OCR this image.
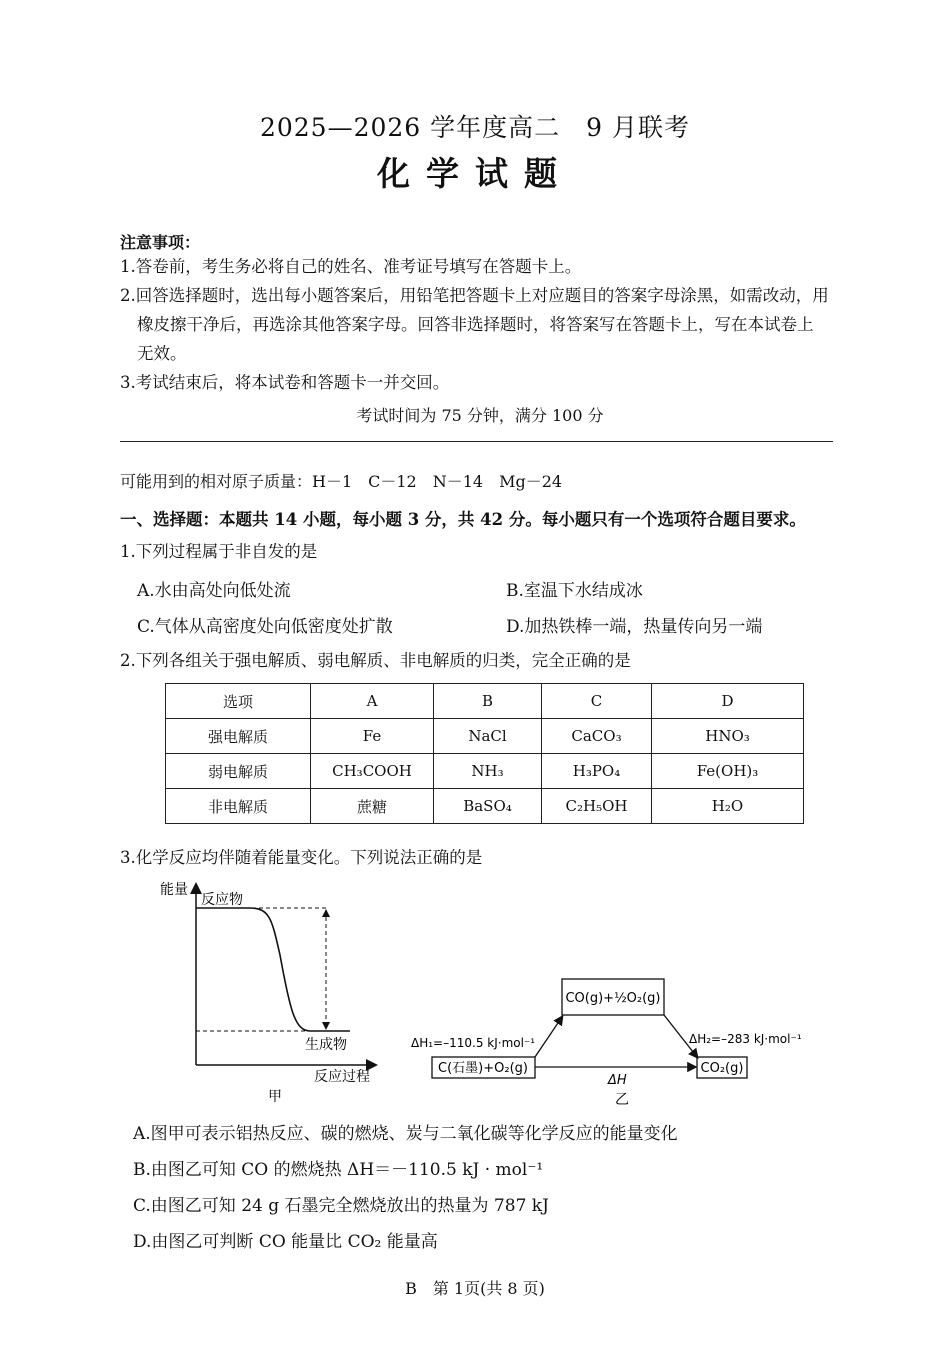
2025—2026 学年度高二　9 月联考
化学试题
注意事项：
1.答卷前，考生务必将自己的姓名、准考证号填写在答题卡上。
2.回答选择题时，选出每小题答案后，用铅笔把答题卡上对应题目的答案字母涂黑，如需改动，用
橡皮擦干净后，再选涂其他答案字母。回答非选择题时，将答案写在答题卡上，写在本试卷上
无效。
3.考试结束后，将本试卷和答题卡一并交回。
考试时间为 75 分钟，满分 100 分
可能用到的相对原子质量：H－1　C－12　N－14　Mg－24
一、选择题：本题共 14 小题，每小题 3 分，共 42 分。每小题只有一个选项符合题目要求。
1.下列过程属于非自发的是
A.水由高处向低处流	B.室温下水结成冰
C.气体从高密度处向低密度处扩散	D.加热铁棒一端，热量传向另一端
2.下列各组关于强电解质、弱电解质、非电解质的归类，完全正确的是
选项	A	B	C	D
强电解质	Fe	NaCl	CaCO₃	HNO₃
弱电解质	CH₃COOH	NH₃	H₃PO₄	Fe(OH)₃
非电解质	蔗糖	BaSO₄	C₂H₅OH	H₂O
3.化学反应均伴随着能量变化。下列说法正确的是
能量
反应物
生成物
反应过程
甲
CO(g)+½O₂(g)
C(石墨)+O₂(g)	CO₂(g)
ΔH₁=–110.5 kJ·mol⁻¹	ΔH₂=–283 kJ·mol⁻¹
ΔH
乙
A.图甲可表示铝热反应、碳的燃烧、炭与二氧化碳等化学反应的能量变化
B.由图乙可知 CO 的燃烧热 ΔH＝－110.5 kJ · mol⁻¹
C.由图乙可知 24 g 石墨完全燃烧放出的热量为 787 kJ
D.由图乙可判断 CO 能量比 CO₂ 能量高
B　第 1页(共 8 页)
